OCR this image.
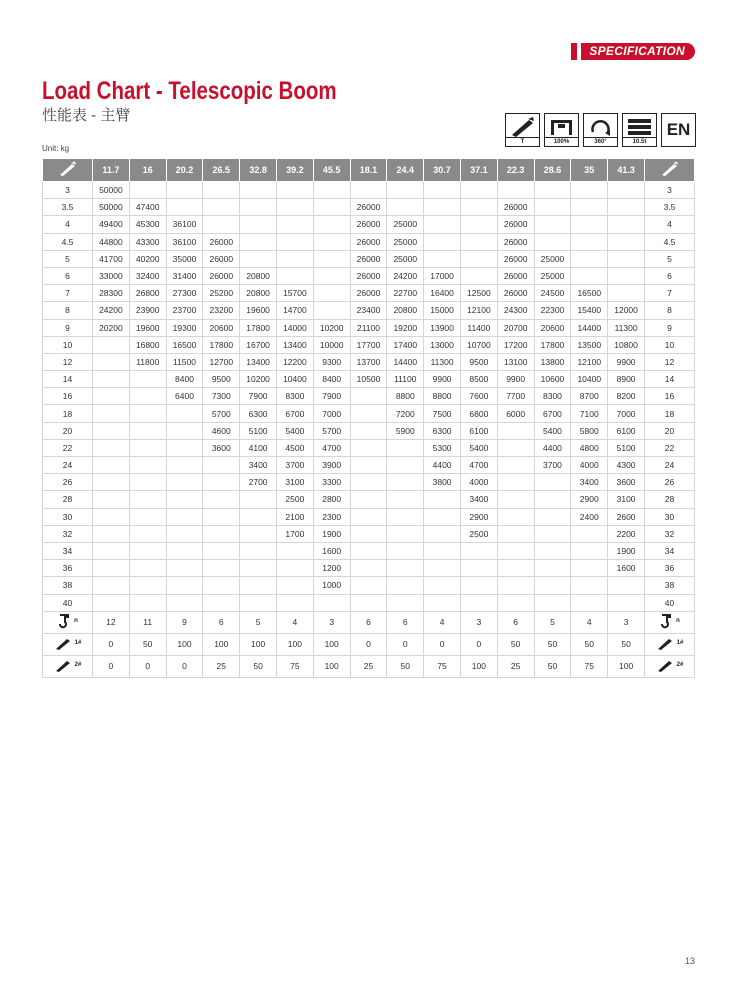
SPECIFICATION
Load Chart - Telescopic Boom
性能表 - 主臂
Unit: kg
T	100%	360°	10.5t
EN
	11.7	16	20.2	26.5	32.8	39.2	45.5	18.1	24.4	30.7	37.1	22.3	28.6	35	41.3	
3	50000															3
3.5	50000	47400						26000				26000				3.5
4	49400	45300	36100					26000	25000			26000				4
4.5	44800	43300	36100	26000				26000	25000			26000				4.5
5	41700	40200	35000	26000				26000	25000			26000	25000			5
6	33000	32400	31400	26000	20800			26000	24200	17000		26000	25000			6
7	28300	26800	27300	25200	20800	15700		26000	22700	16400	12500	26000	24500	16500		7
8	24200	23900	23700	23200	19600	14700		23400	20800	15000	12100	24300	22300	15400	12000	8
9	20200	19600	19300	20600	17800	14000	10200	21100	19200	13900	11400	20700	20600	14400	11300	9
10		16800	16500	17800	16700	13400	10000	17700	17400	13000	10700	17200	17800	13500	10800	10
12		11800	11500	12700	13400	12200	9300	13700	14400	11300	9500	13100	13800	12100	9900	12
14			8400	9500	10200	10400	8400	10500	11100	9900	8500	9900	10600	10400	8900	14
16			6400	7300	7900	8300	7900		8800	8800	7600	7700	8300	8700	8200	16
18				5700	6300	6700	7000		7200	7500	6800	6000	6700	7100	7000	18
20				4600	5100	5400	5700		5900	6300	6100		5400	5800	6100	20
22				3600	4100	4500	4700			5300	5400		4400	4800	5100	22
24					3400	3700	3900			4400	4700		3700	4000	4300	24
26					2700	3100	3300			3800	4000			3400	3600	26
28						2500	2800				3400			2900	3100	28
30						2100	2300				2900			2400	2600	30
32						1700	1900				2500				2200	32
34							1600								1900	34
36							1200								1600	36
38							1000									38
40																40

n	12	11	9	6	5	4	3	6	6	4	3	6	5	4	3	n

1#	0	50	100	100	100	100	100	0	0	0	0	50	50	50	50	1#

2#	0	0	0	25	50	75	100	25	50	75	100	25	50	75	100	2#
13
